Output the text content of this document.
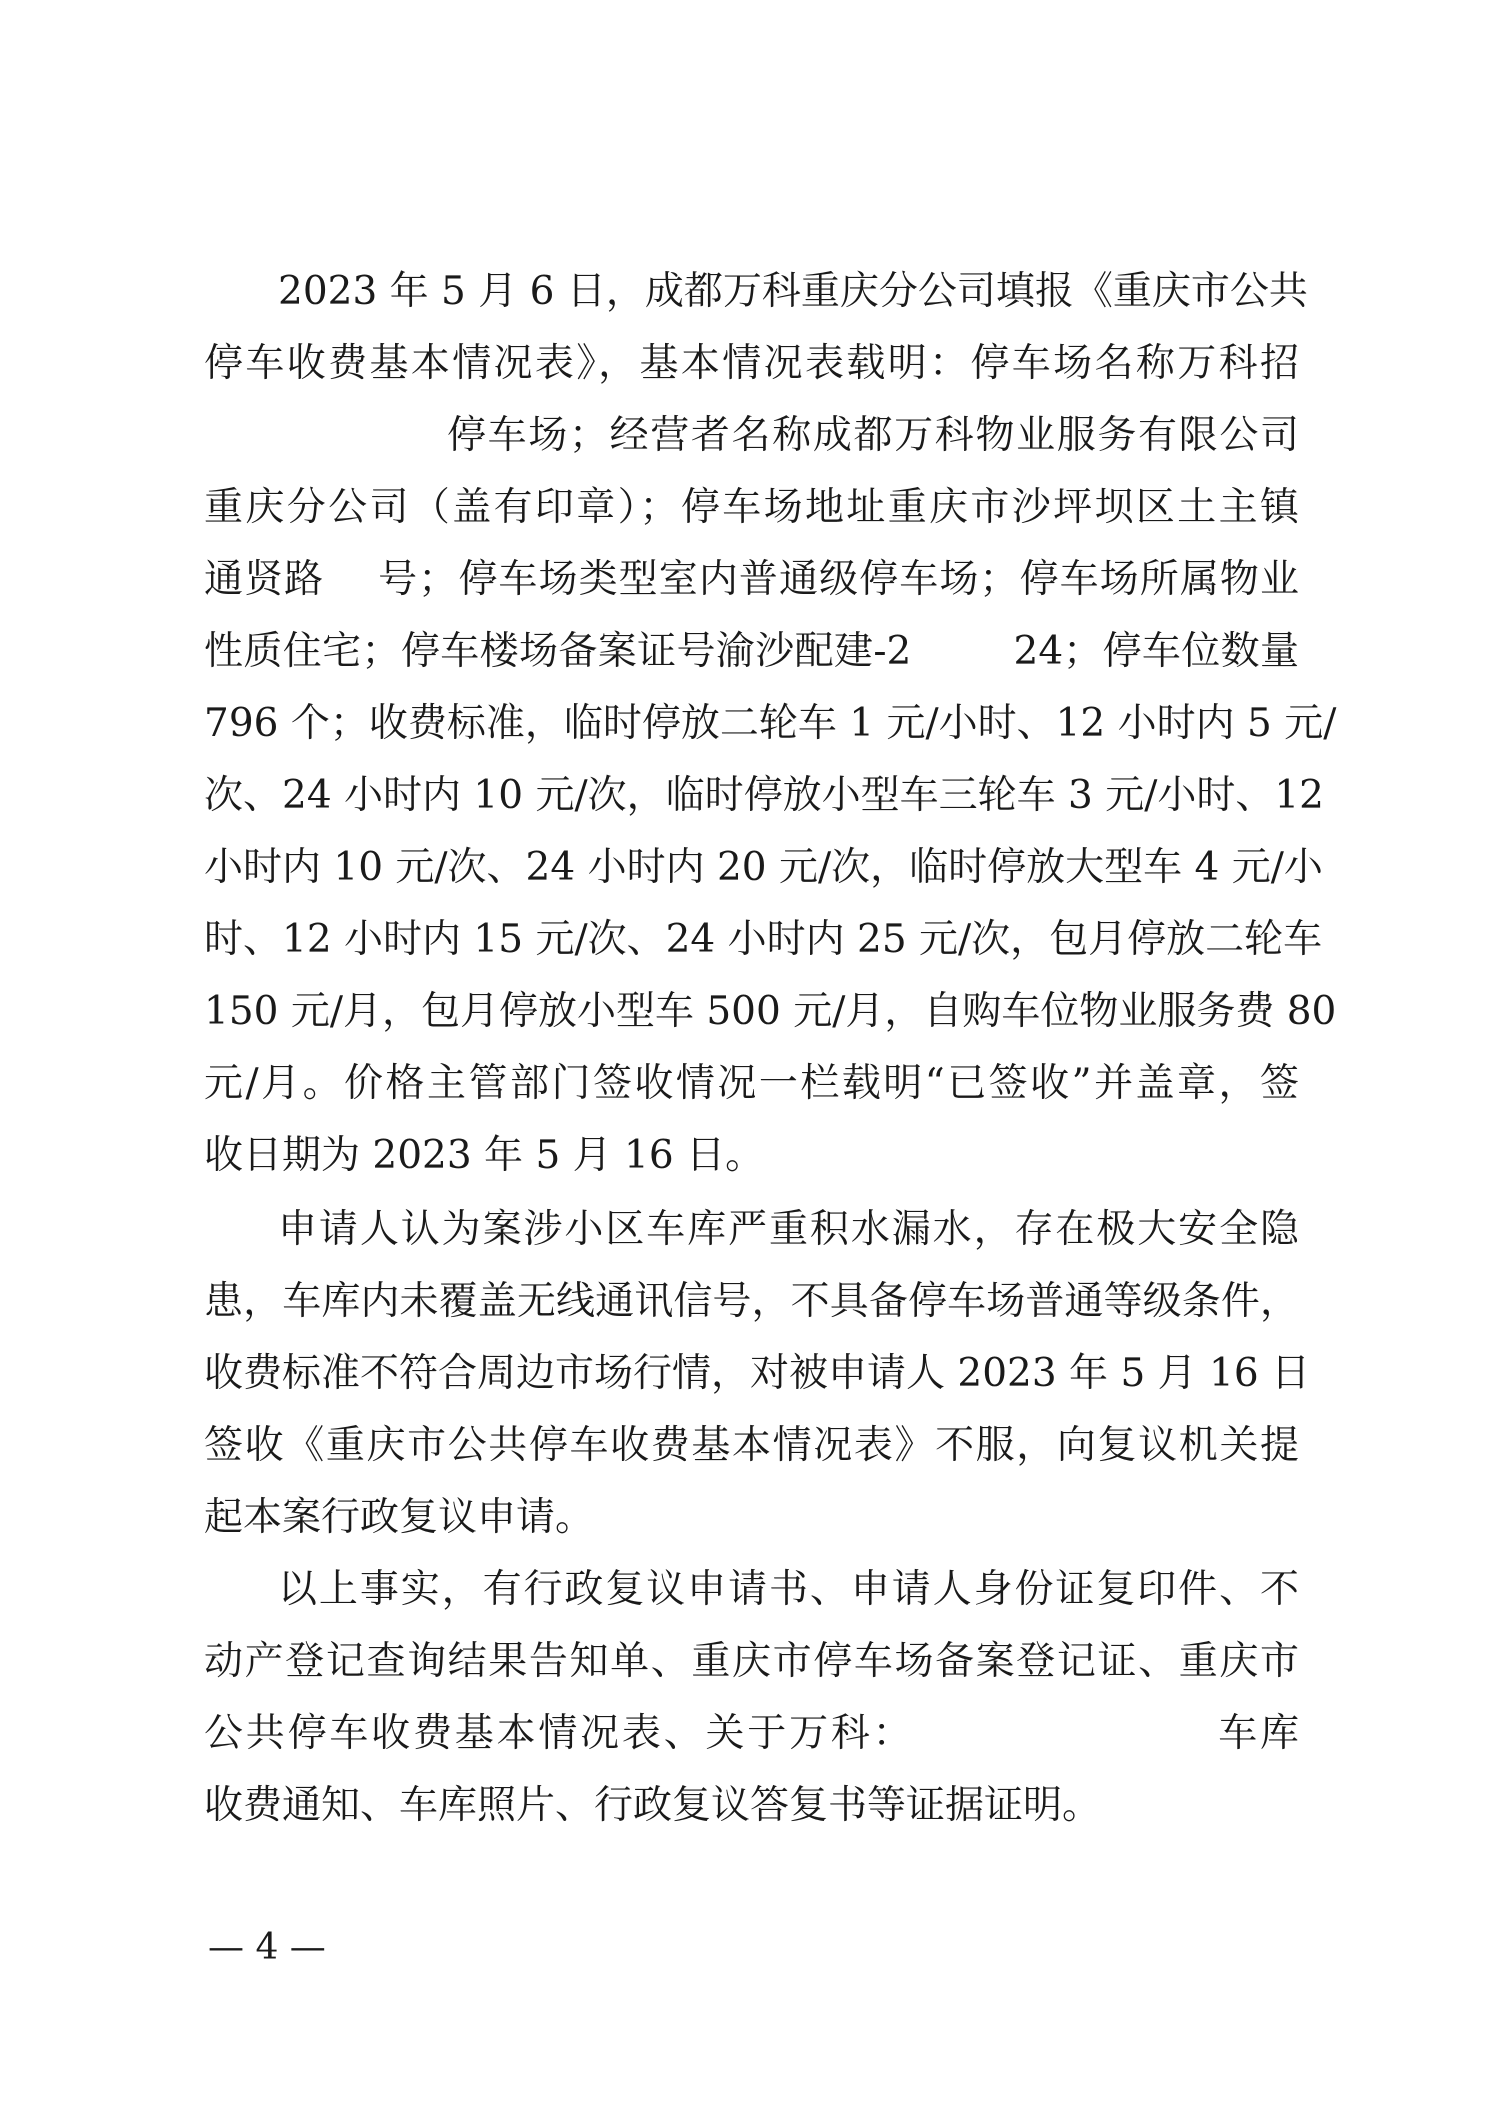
2023 年 5 月 6 日，成都万科重庆分公司填报《重庆市公共
停车收费基本情况表》，基本情况表载明：停车场名称万科招
停车场；经营者名称成都万科物业服务有限公司
重庆分公司（盖有印章）；停车场地址重庆市沙坪坝区土主镇
通贤路    号；停车场类型室内普通级停车场；停车场所属物业
性质住宅；停车楼场备案证号渝沙配建-2        24；停车位数量
796 个；收费标准，临时停放二轮车 1 元/小时、12 小时内 5 元/
次、24 小时内 10 元/次，临时停放小型车三轮车 3 元/小时、12
小时内 10 元/次、24 小时内 20 元/次，临时停放大型车 4 元/小
时、12 小时内 15 元/次、24 小时内 25 元/次，包月停放二轮车
150 元/月，包月停放小型车 500 元/月，自购车位物业服务费 80
元/月。价格主管部门签收情况一栏载明“已签收”并盖章，签
收日期为 2023 年 5 月 16 日。
申请人认为案涉小区车库严重积水漏水，存在极大安全隐
患，车库内未覆盖无线通讯信号，不具备停车场普通等级条件，
收费标准不符合周边市场行情，对被申请人 2023 年 5 月 16 日
签收《重庆市公共停车收费基本情况表》不服，向复议机关提
起本案行政复议申请。
以上事实，有行政复议申请书、申请人身份证复印件、不
动产登记查询结果告知单、重庆市停车场备案登记证、重庆市
公共停车收费基本情况表、关于万科：                    车库
收费通知、车库照片、行政复议答复书等证据证明。
— 4 —
